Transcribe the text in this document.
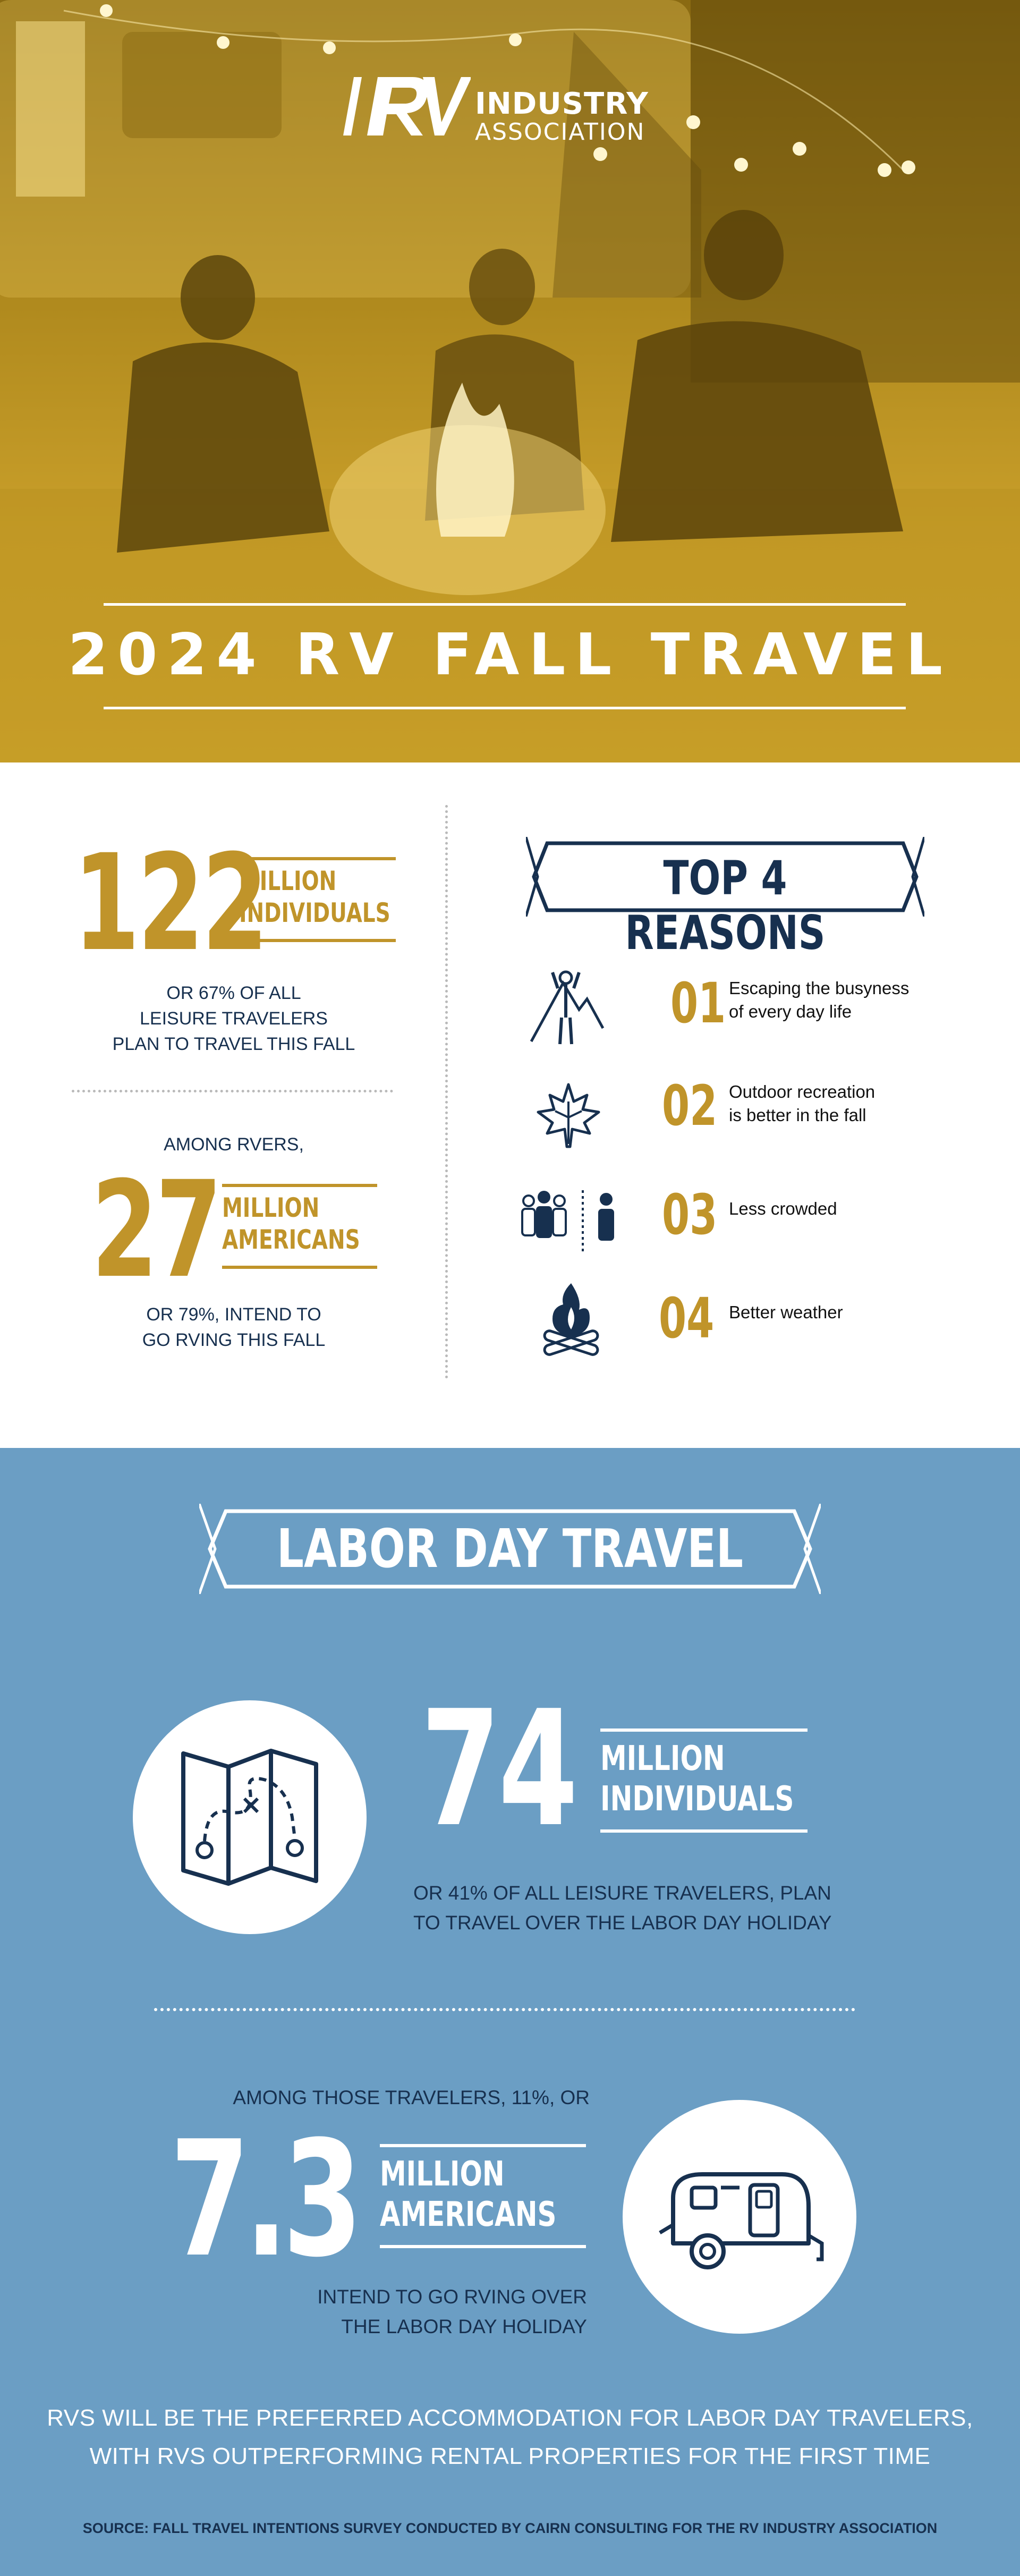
INDUSTRY
ASSOCIATION
2024 RV FALL TRAVEL
122
MILLION
INDIVIDUALS
OR 67% OF ALL
LEISURE TRAVELERS
PLAN TO TRAVEL THIS FALL
AMONG RVERS,
27 MILLION
AMERICANS
OR 79%, INTEND TO
GO RVING THIS FALL
TOP 4 REASONS
01 Escaping the busyness
of every day life
02 Outdoor recreation
is better in the fall
03 Less crowded
04 Better weather
LABOR DAY TRAVEL
74 MILLION
INDIVIDUALS
OR 41% OF ALL LEISURE TRAVELERS, PLAN
TO TRAVEL OVER THE LABOR DAY HOLIDAY
AMONG THOSE TRAVELERS, 11%, OR
7.3 MILLION
AMERICANS
INTEND TO GO RVING OVER
THE LABOR DAY HOLIDAY
RVS WILL BE THE PREFERRED ACCOMMODATION FOR LABOR DAY TRAVELERS,
WITH RVS OUTPERFORMING RENTAL PROPERTIES FOR THE FIRST TIME
SOURCE: FALL TRAVEL INTENTIONS SURVEY CONDUCTED BY CAIRN CONSULTING FOR THE RV INDUSTRY ASSOCIATION
